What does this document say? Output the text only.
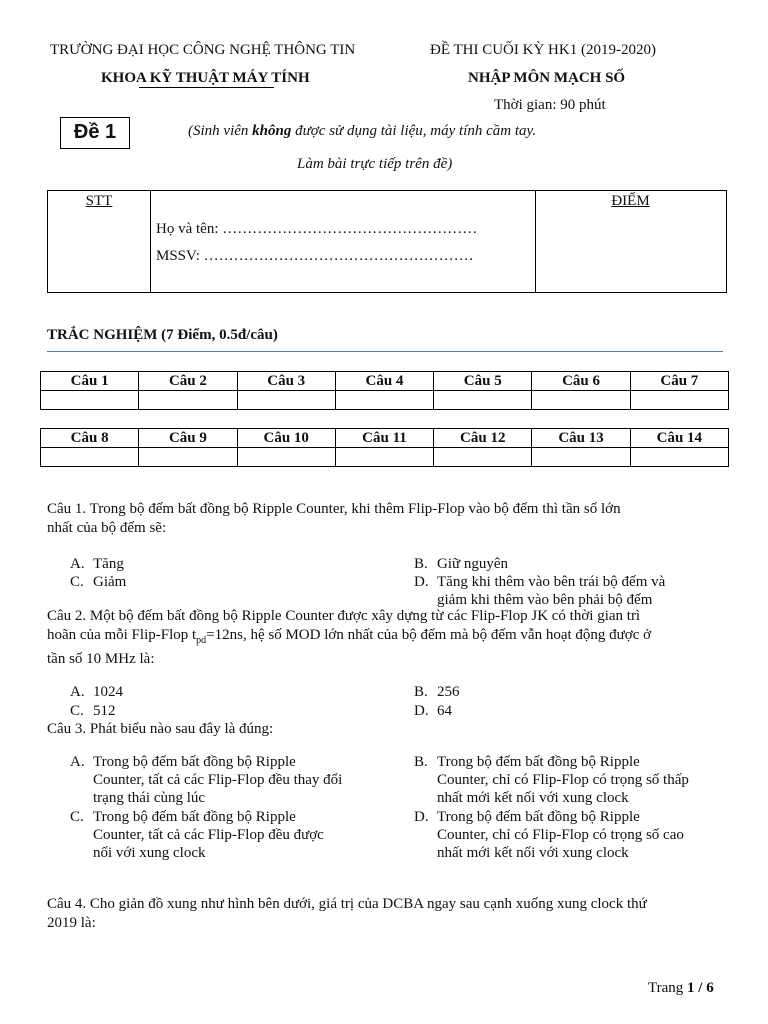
TRƯỜNG ĐẠI HỌC CÔNG NGHỆ THÔNG TIN
KHOA KỸ THUẬT MÁY TÍNH
ĐỀ THI CUỐI KỲ HK1 (2019-2020)
NHẬP MÔN MẠCH SỐ
Thời gian: 90 phút
Đề 1	(Sinh viên không được sử dụng tài liệu, máy tính cầm tay.
Làm bài trực tiếp trên đề)
STT
Họ và tên: ……………………………………………
MSSV: ………………………………………………
ĐIỂM
TRẮC NGHIỆM (7 Điểm, 0.5đ/câu)
Câu 1	Câu 2	Câu 3	Câu 4	Câu 5	Câu 6	Câu 7

Câu 8	Câu 9	Câu 10	Câu 11	Câu 12	Câu 13	Câu 14

Câu 1. Trong bộ đếm bất đồng bộ Ripple Counter, khi thêm Flip-Flop vào bộ đếm thì tần số lớn
nhất của bộ đếm sẽ:
A. Tăng	B. Giữ nguyên
C. Giảm	D. Tăng khi thêm vào bên trái bộ đếm và
giảm khi thêm vào bên phải bộ đếm
Câu 2. Một bộ đếm bất đồng bộ Ripple Counter được xây dựng từ các Flip-Flop JK có thời gian trì
hoãn của mỗi Flip-Flop $t_{pd}=12ns$, hệ số MOD lớn nhất của bộ đếm mà bộ đếm vẫn hoạt động được ở
tần số 10 MHz là:
A. 1024	B. 256
C. 512	D. 64
Câu 3. Phát biểu nào sau đây là đúng:
A. Trong bộ đếm bất đồng bộ Ripple
Counter, tất cả các Flip-Flop đều thay đổi
trạng thái cùng lúc
B. Trong bộ đếm bất đồng bộ Ripple
Counter, chỉ có Flip-Flop có trọng số thấp
nhất mới kết nối với xung clock
C. Trong bộ đếm bất đồng bộ Ripple
Counter, tất cả các Flip-Flop đều được
nối với xung clock
D. Trong bộ đếm bất đồng bộ Ripple
Counter, chỉ có Flip-Flop có trọng số cao
nhất mới kết nối với xung clock
Câu 4. Cho giản đồ xung như hình bên dưới, giá trị của DCBA ngay sau cạnh xuống xung clock thứ
2019 là:
Trang 1 / 6
